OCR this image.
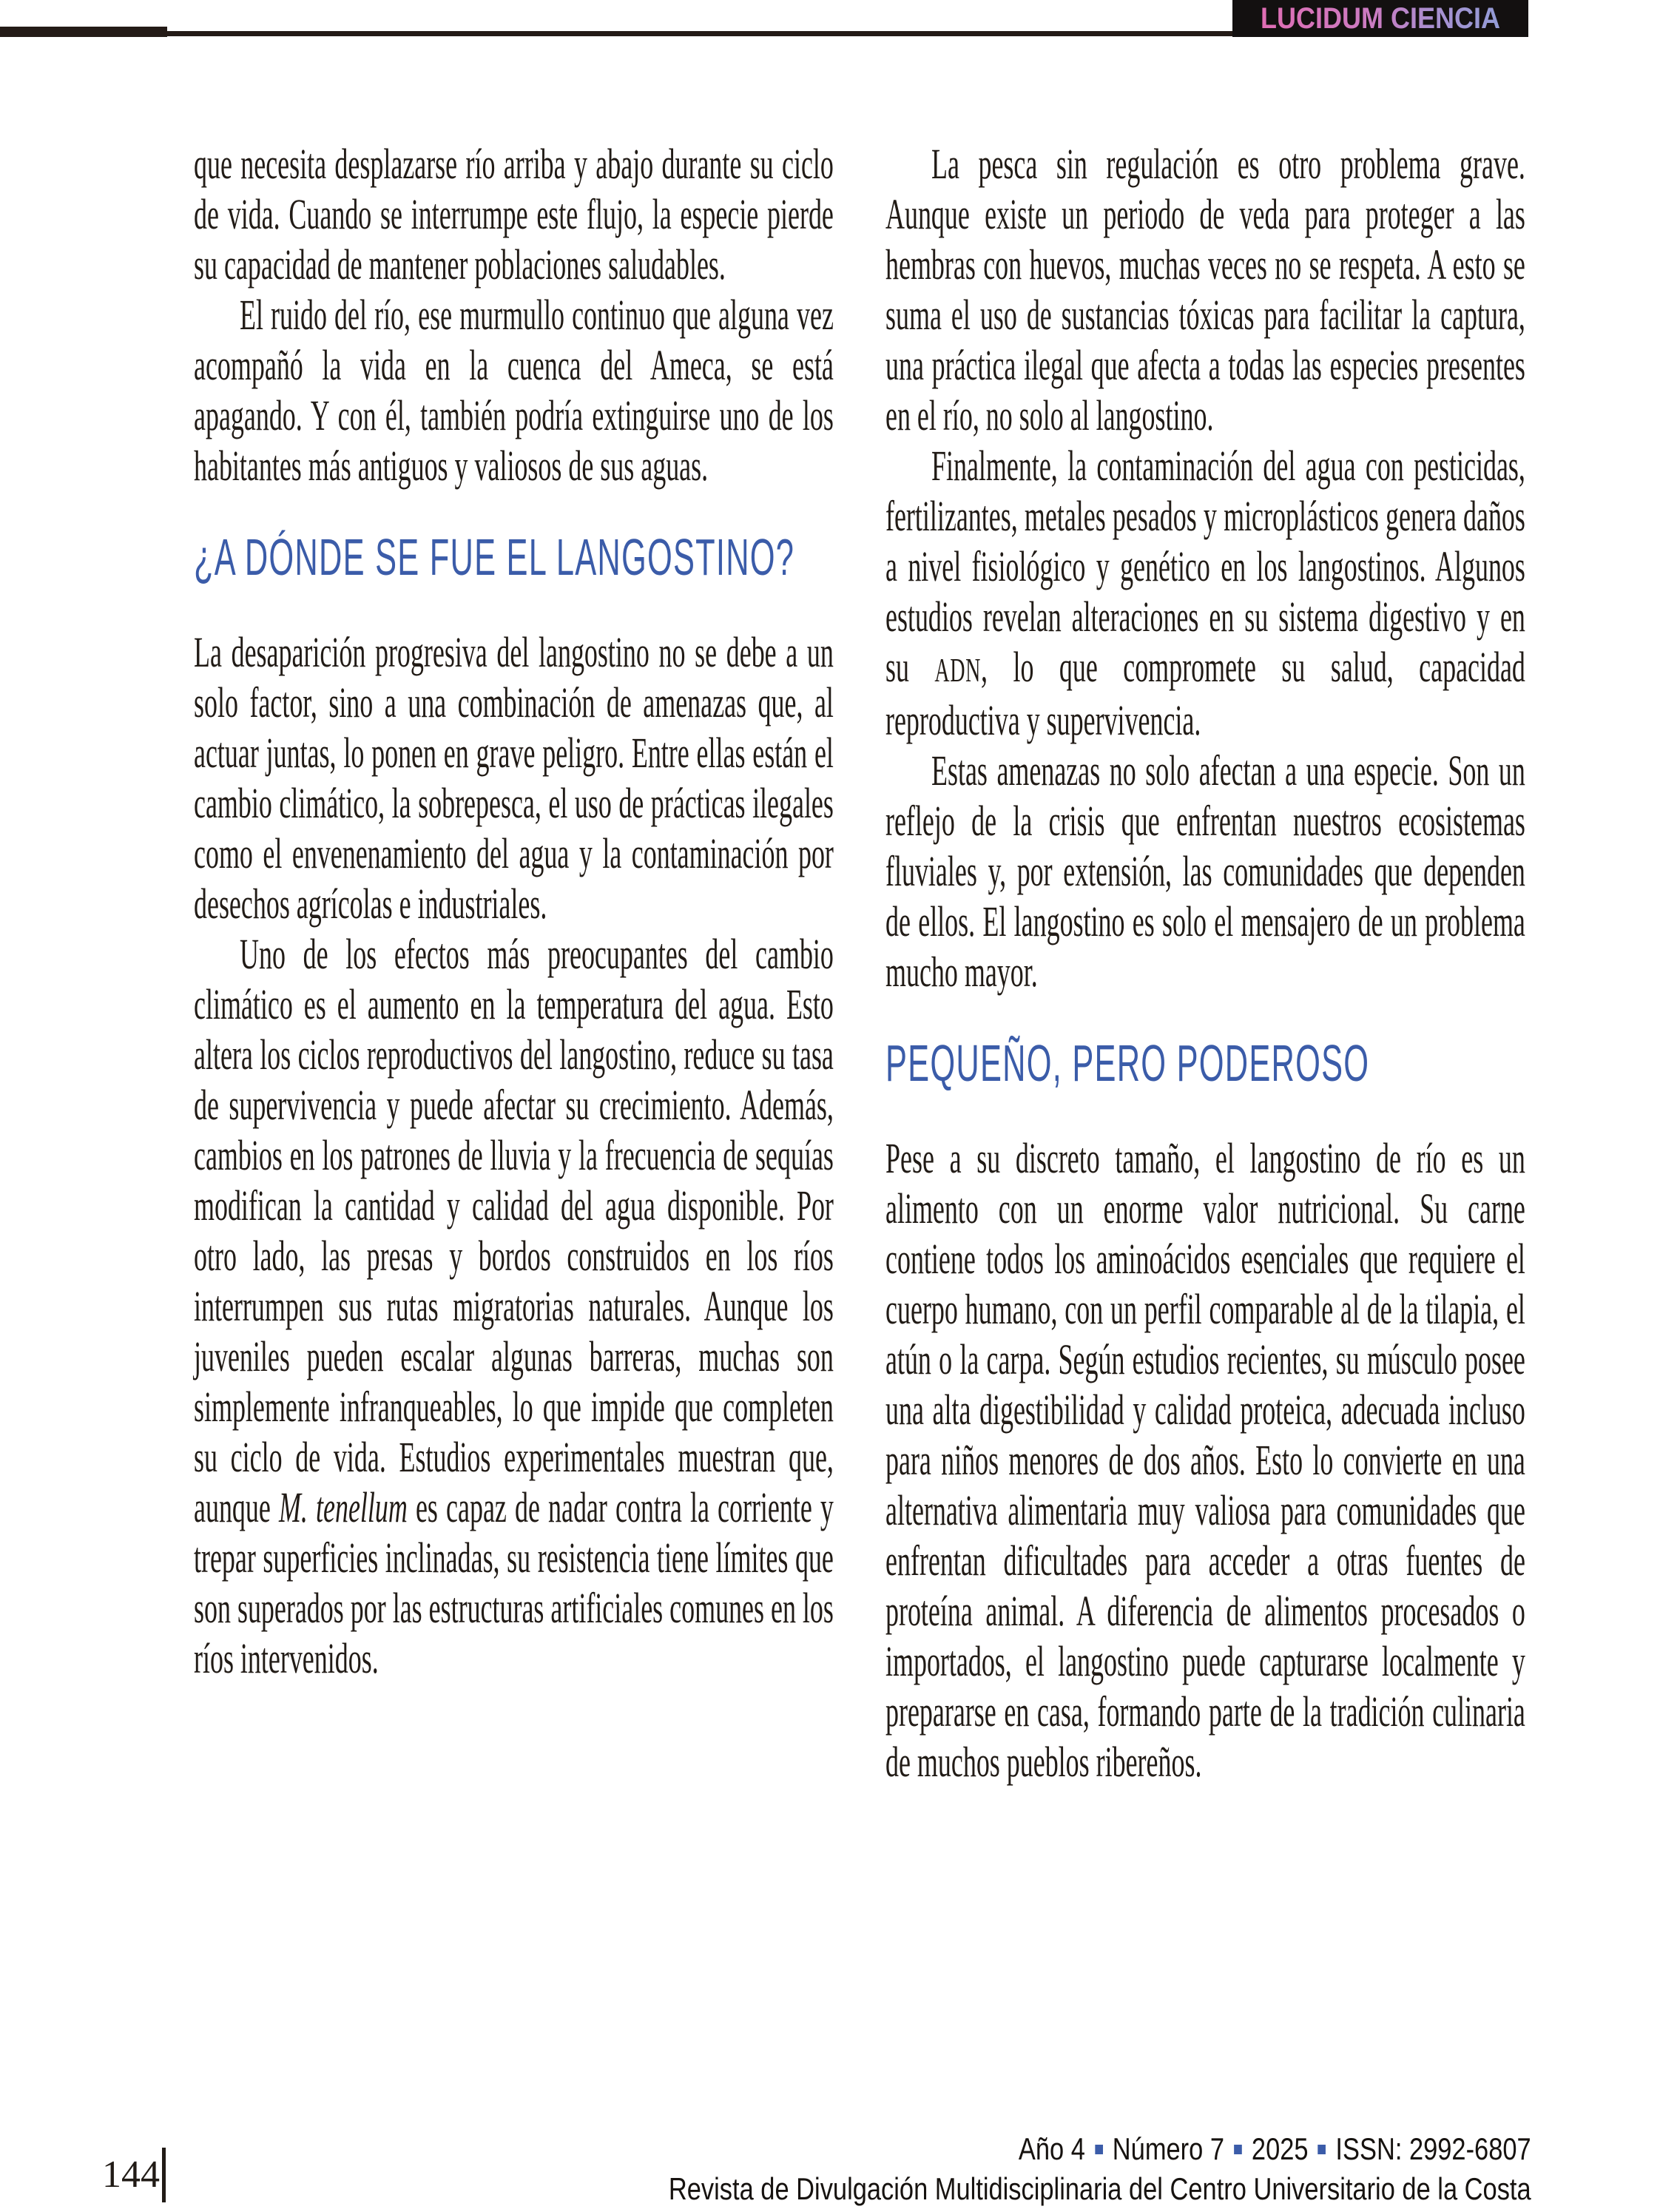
LUCIDUM CIENCIA

que necesita desplazarse río arriba y abajo durante su ciclo de vida. Cuando se interrumpe este flujo, la especie pierde su capacidad de mantener poblaciones saludables.

El ruido del río, ese murmullo continuo que alguna vez acompañó la vida en la cuenca del Ameca, se está apagando. Y con él, también podría extinguirse uno de los habitantes más antiguos y valiosos de sus aguas.

¿A DÓNDE SE FUE EL LANGOSTINO?

La desaparición progresiva del langostino no se debe a un solo factor, sino a una combinación de amenazas que, al actuar juntas, lo ponen en grave peligro. Entre ellas están el cambio climático, la sobrepesca, el uso de prácticas ilegales como el envenenamiento del agua y la contaminación por desechos agrícolas e industriales.

Uno de los efectos más preocupantes del cambio climático es el aumento en la temperatura del agua. Esto altera los ciclos reproductivos del langostino, reduce su tasa de supervivencia y puede afectar su crecimiento. Además, cambios en los patrones de lluvia y la frecuencia de sequías modifican la cantidad y calidad del agua disponible. Por otro lado, las presas y bordos construidos en los ríos interrumpen sus rutas migratorias naturales. Aunque los juveniles pueden escalar algunas barreras, muchas son simplemente infranqueables, lo que impide que completen su ciclo de vida. Estudios experimentales muestran que, aunque M. tenellum es capaz de nadar contra la corriente y trepar superficies inclinadas, su resistencia tiene límites que son superados por las estructuras artificiales comunes en los ríos intervenidos.

La pesca sin regulación es otro problema grave. Aunque existe un periodo de veda para proteger a las hembras con huevos, muchas veces no se respeta. A esto se suma el uso de sustancias tóxicas para facilitar la captura, una práctica ilegal que afecta a todas las especies presentes en el río, no solo al langostino.

Finalmente, la contaminación del agua con pesticidas, fertilizantes, metales pesados y microplásticos genera daños a nivel fisiológico y genético en los langostinos. Algunos estudios revelan alteraciones en su sistema digestivo y en su ADN, lo que compromete su salud, capacidad reproductiva y supervivencia.

Estas amenazas no solo afectan a una especie. Son un reflejo de la crisis que enfrentan nuestros ecosistemas fluviales y, por extensión, las comunidades que dependen de ellos. El langostino es solo el mensajero de un problema mucho mayor.

PEQUEÑO, PERO PODEROSO

Pese a su discreto tamaño, el langostino de río es un alimento con un enorme valor nutricional. Su carne contiene todos los aminoácidos esenciales que requiere el cuerpo humano, con un perfil comparable al de la tilapia, el atún o la carpa. Según estudios recientes, su músculo posee una alta digestibilidad y calidad proteica, adecuada incluso para niños menores de dos años. Esto lo convierte en una alternativa alimentaria muy valiosa para comunidades que enfrentan dificultades para acceder a otras fuentes de proteína animal. A diferencia de alimentos procesados o importados, el langostino puede capturarse localmente y prepararse en casa, formando parte de la tradición culinaria de muchos pueblos ribereños.

144
Año 4 Número 7 2025 ISSN: 2992-6807
Revista de Divulgación Multidisciplinaria del Centro Universitario de la Costa
